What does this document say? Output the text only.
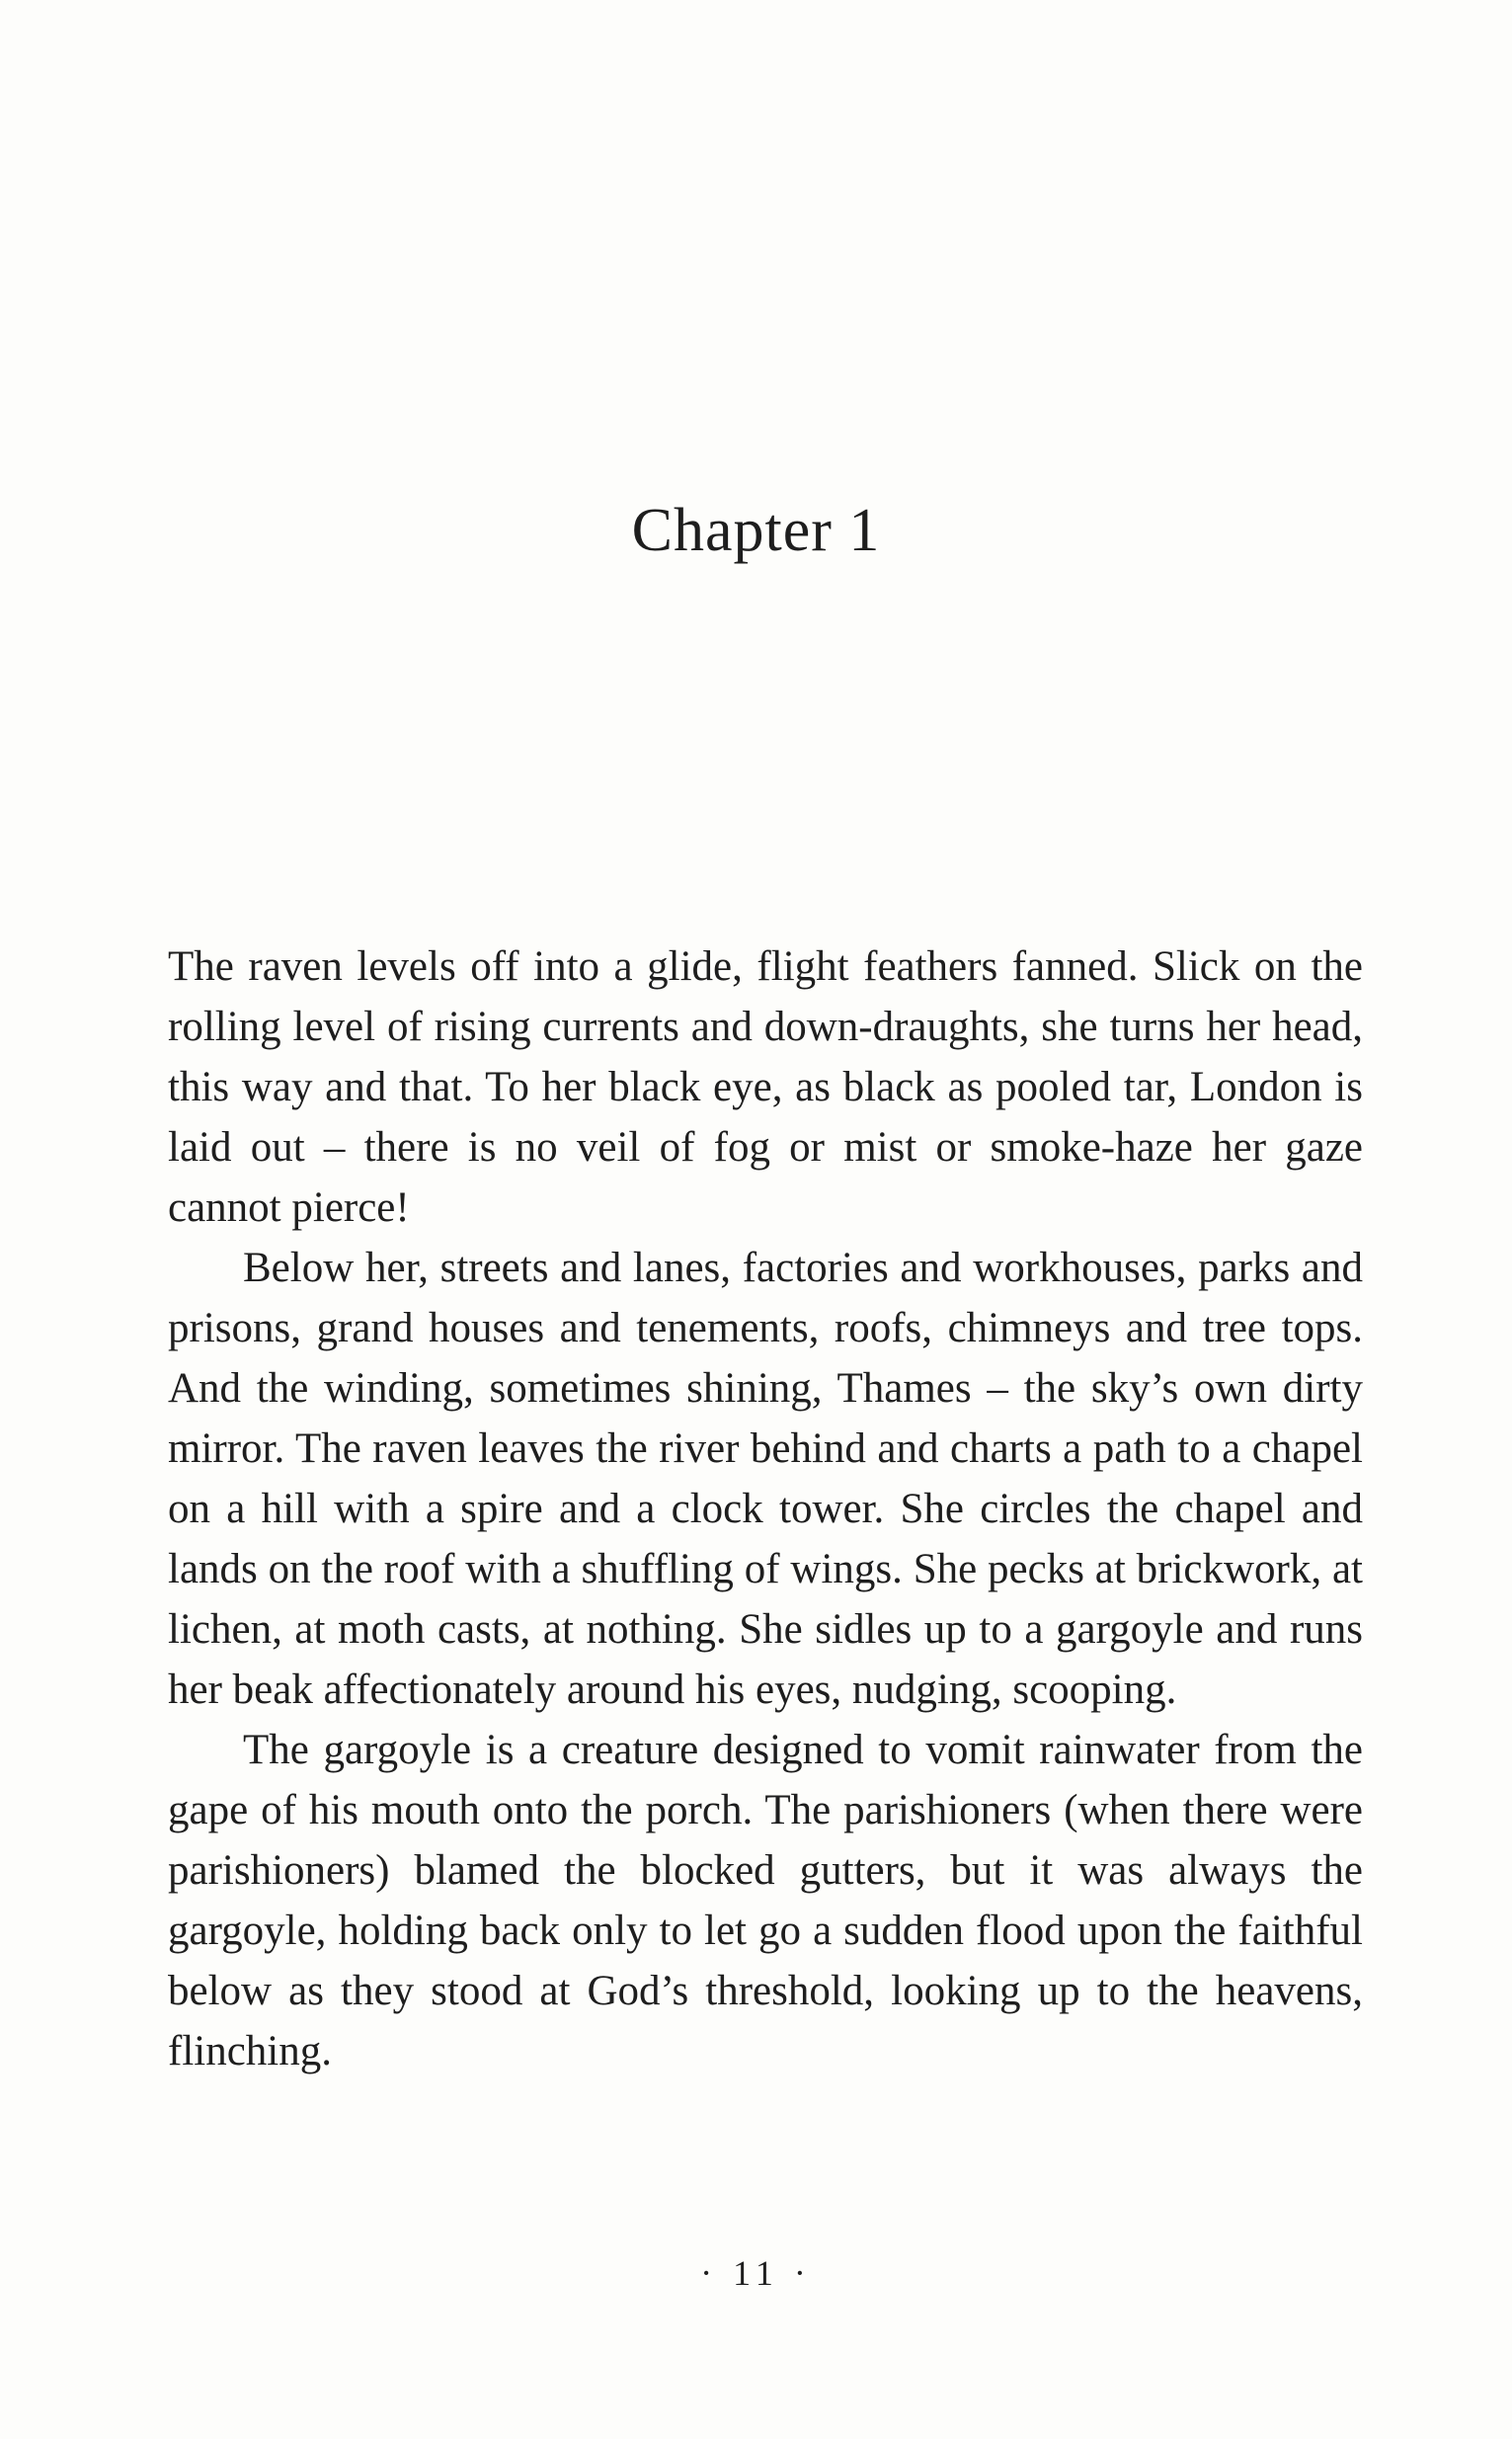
Chapter 1

The raven levels off into a glide, flight feathers fanned. Slick on the rolling level of rising currents and down-draughts, she turns her head, this way and that. To her black eye, as black as pooled tar, London is laid out – there is no veil of fog or mist or smoke-haze her gaze cannot pierce!

Below her, streets and lanes, factories and workhouses, parks and prisons, grand houses and tenements, roofs, chimneys and tree tops. And the winding, sometimes shining, Thames – the sky’s own dirty mirror. The raven leaves the river behind and charts a path to a chapel on a hill with a spire and a clock tower. She circles the chapel and lands on the roof with a shuffling of wings. She pecks at brickwork, at lichen, at moth casts, at nothing. She sidles up to a gargoyle and runs her beak affectionately around his eyes, nudging, scooping.

The gargoyle is a creature designed to vomit rainwater from the gape of his mouth onto the porch. The parishioners (when there were parishioners) blamed the blocked gutters, but it was always the gargoyle, holding back only to let go a sudden flood upon the faithful below as they stood at God’s threshold, looking up to the heavens, flinching.

· 11 ·
